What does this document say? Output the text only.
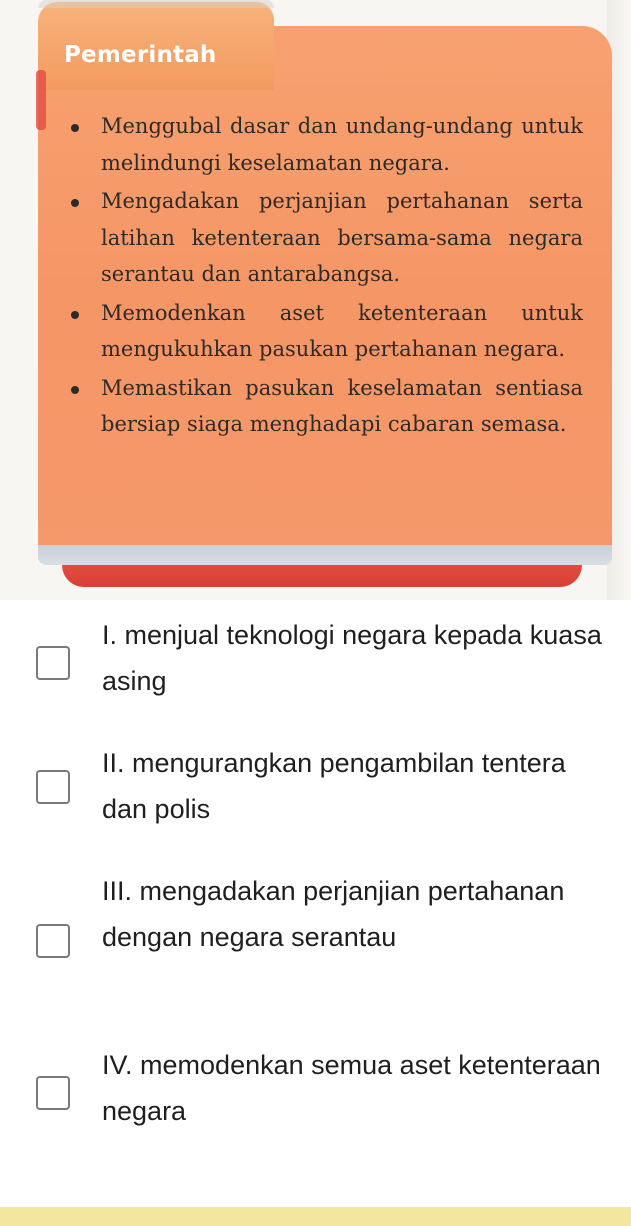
Pemerintah
Menggubal dasar dan undang-undang untuk melindungi keselamatan negara.
Mengadakan perjanjian pertahanan serta latihan ketenteraan bersama-sama negara serantau dan antarabangsa.
Memodenkan aset ketenteraan untuk mengukuhkan pasukan pertahanan negara.
Memastikan pasukan keselamatan sentiasa bersiap siaga menghadapi cabaran semasa.
I. menjual teknologi negara kepada kuasa asing
II. mengurangkan pengambilan tentera dan polis
III. mengadakan perjanjian pertahanan dengan negara serantau
IV. memodenkan semua aset ketenteraan negara
